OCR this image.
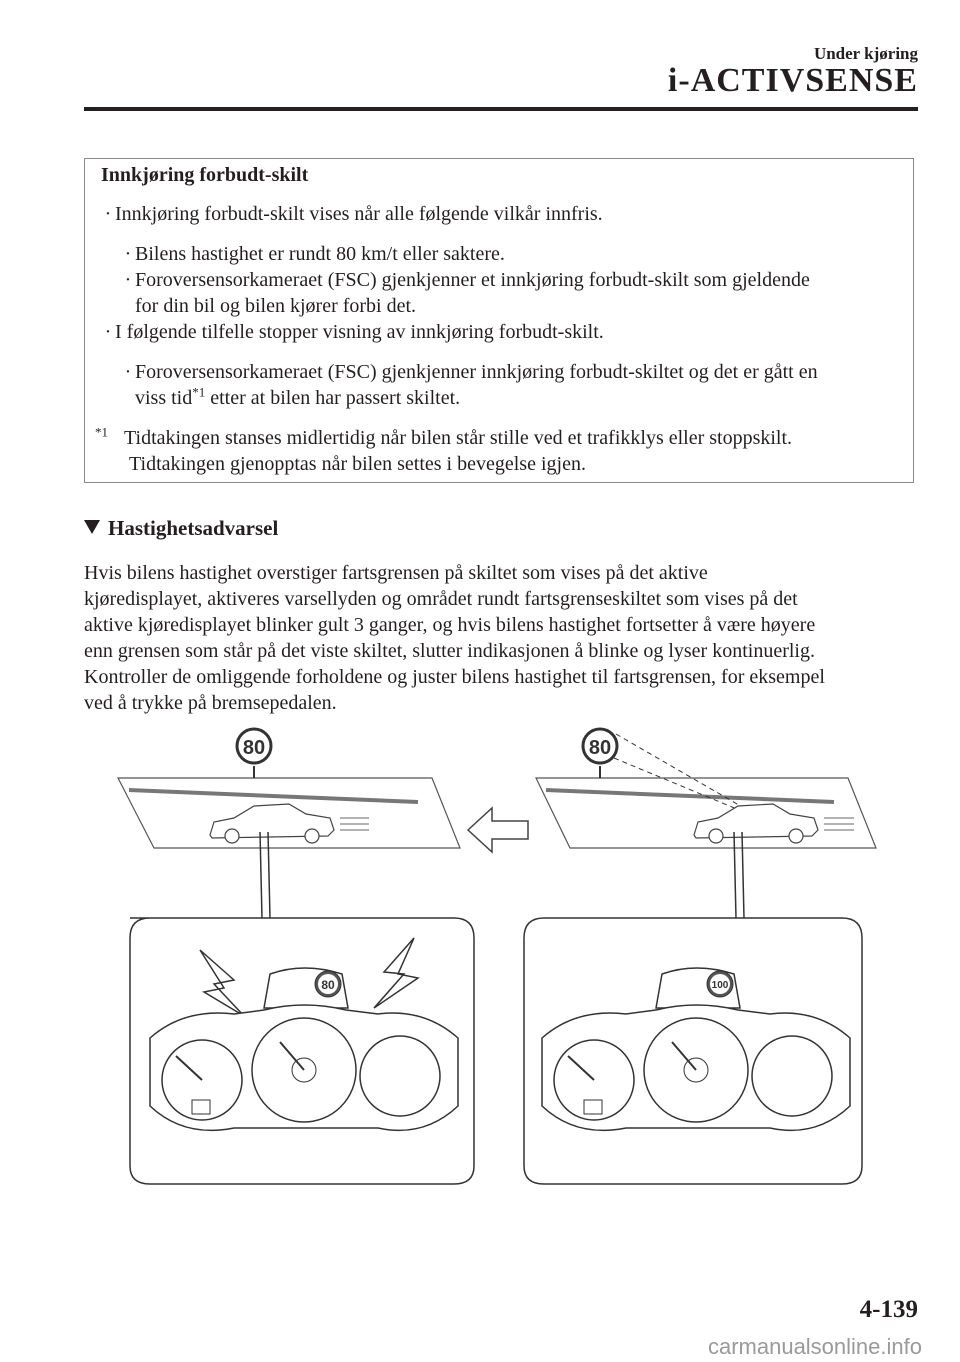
Under kjøring
i-ACTIVSENSE
Innkjøring forbudt-skilt
· Innkjøring forbudt-skilt vises når alle følgende vilkår innfris.
· Bilens hastighet er rundt 80 km/t eller saktere.
· Foroversensorkameraet (FSC) gjenkjenner et innkjøring forbudt-skilt som gjeldende
for din bil og bilen kjører forbi det.
· I følgende tilfelle stopper visning av innkjøring forbudt-skilt.
· Foroversensorkameraet (FSC) gjenkjenner innkjøring forbudt-skiltet og det er gått en
viss tid$^{*1}$ etter at bilen har passert skiltet.
$^{*1}$ Tidtakingen stanses midlertidig når bilen står stille ved et trafikklys eller stoppskilt.
Tidtakingen gjenopptas når bilen settes i bevegelse igjen.
Hastighetsadvarsel
Hvis bilens hastighet overstiger fartsgrensen på skiltet som vises på det aktive
kjøredisplayet, aktiveres varsellyden og området rundt fartsgrenseskiltet som vises på det
aktive kjøredisplayet blinker gult 3 ganger, og hvis bilens hastighet fortsetter å være høyere
enn grensen som står på det viste skiltet, slutter indikasjonen å blinke og lyser kontinuerlig.
Kontroller de omliggende forholdene og juster bilens hastighet til fartsgrensen, for eksempel
ved å trykke på bremsepedalen.
80	80
80	100
4-139
carmanualsonline.info
